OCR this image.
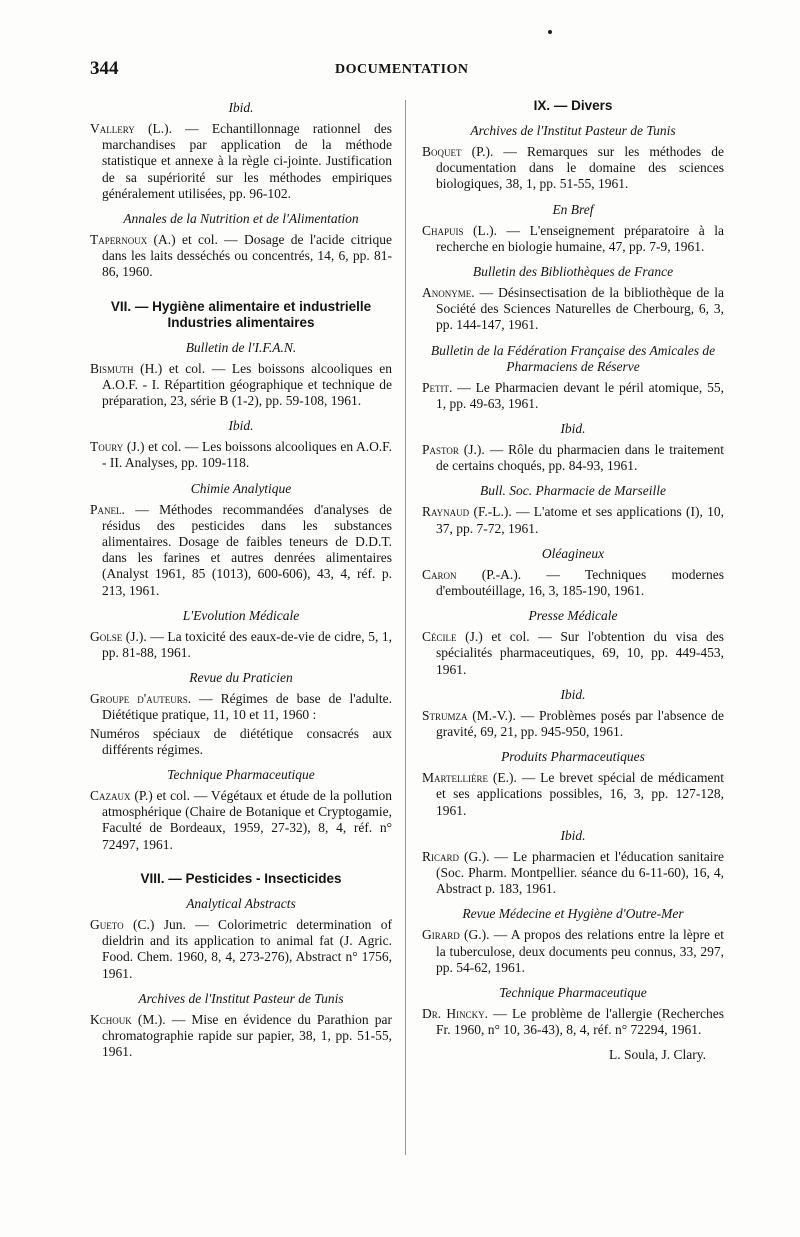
344	DOCUMENTATION
Ibid.

Vallery (L.). — Echantillonnage rationnel des marchandises par application de la méthode statistique et annexe à la règle ci-jointe. Justification de sa supériorité sur les méthodes empiriques généralement utilisées, pp. 96-102.

Annales de la Nutrition et de l'Alimentation

Tapernoux (A.) et col. — Dosage de l'acide citrique dans les laits desséchés ou concentrés, 14, 6, pp. 81-86, 1960.

VII. — Hygiène alimentaire et industrielle Industries alimentaires
Bulletin de l'I.F.A.N.

Bismuth (H.) et col. — Les boissons alcooliques en A.O.F. - I. Répartition géographique et technique de préparation, 23, série B (1-2), pp. 59-108, 1961.

Ibid.

Toury (J.) et col. — Les boissons alcooliques en A.O.F. - II. Analyses, pp. 109-118.

Chimie Analytique

Panel. — Méthodes recommandées d'analyses de résidus des pesticides dans les substances alimentaires. Dosage de faibles teneurs de D.D.T. dans les farines et autres denrées alimentaires (Analyst 1961, 85 (1013), 600-606), 43, 4, réf. p. 213, 1961.

L'Evolution Médicale

Golse (J.). — La toxicité des eaux-de-vie de cidre, 5, 1, pp. 81-88, 1961.

Revue du Praticien

Groupe d'auteurs. — Régimes de base de l'adulte. Diététique pratique, 11, 10 et 11, 1960 :

Numéros spéciaux de diététique consacrés aux différents régimes.

Technique Pharmaceutique

Cazaux (P.) et col. — Végétaux et étude de la pollution atmosphérique (Chaire de Botanique et Cryptogamie, Faculté de Bordeaux, 1959, 27-32), 8, 4, réf. n° 72497, 1961.

VIII. — Pesticides - Insecticides
Analytical Abstracts

Gueto (C.) Jun. — Colorimetric determination of dieldrin and its application to animal fat (J. Agric. Food. Chem. 1960, 8, 4, 273-276), Abstract n° 1756, 1961.

Archives de l'Institut Pasteur de Tunis

Kchouk (M.). — Mise en évidence du Parathion par chromatographie rapide sur papier, 38, 1, pp. 51-55, 1961.

IX. — Divers
Archives de l'Institut Pasteur de Tunis

Boquet (P.). — Remarques sur les méthodes de documentation dans le domaine des sciences biologiques, 38, 1, pp. 51-55, 1961.

En Bref

Chapuis (L.). — L'enseignement préparatoire à la recherche en biologie humaine, 47, pp. 7-9, 1961.

Bulletin des Bibliothèques de France

Anonyme. — Désinsectisation de la bibliothèque de la Société des Sciences Naturelles de Cherbourg, 6, 3, pp. 144-147, 1961.

Bulletin de la Fédération Française des Amicales de Pharmaciens de Réserve

Petit. — Le Pharmacien devant le péril atomique, 55, 1, pp. 49-63, 1961.

Ibid.

Pastor (J.). — Rôle du pharmacien dans le traitement de certains choqués, pp. 84-93, 1961.

Bull. Soc. Pharmacie de Marseille

Raynaud (F.-L.). — L'atome et ses applications (I), 10, 37, pp. 7-72, 1961.

Oléagineux

Caron (P.-A.). — Techniques modernes d'emboutéillage, 16, 3, 185-190, 1961.

Presse Médicale

Cécile (J.) et col. — Sur l'obtention du visa des spécialités pharmaceutiques, 69, 10, pp. 449-453, 1961.

Ibid.

Strumza (M.-V.). — Problèmes posés par l'absence de gravité, 69, 21, pp. 945-950, 1961.

Produits Pharmaceutiques

Martellière (E.). — Le brevet spécial de médicament et ses applications possibles, 16, 3, pp. 127-128, 1961.

Ibid.

Ricard (G.). — Le pharmacien et l'éducation sanitaire (Soc. Pharm. Montpellier. séance du 6-11-60), 16, 4, Abstract p. 183, 1961.

Revue Médecine et Hygiène d'Outre-Mer

Girard (G.). — A propos des relations entre la lèpre et la tuberculose, deux documents peu connus, 33, 297, pp. 54-62, 1961.

Technique Pharmaceutique

Dr. Hincky. — Le problème de l'allergie (Recherches Fr. 1960, n° 10, 36-43), 8, 4, réf. n° 72294, 1961.

L. Soula, J. Clary.
